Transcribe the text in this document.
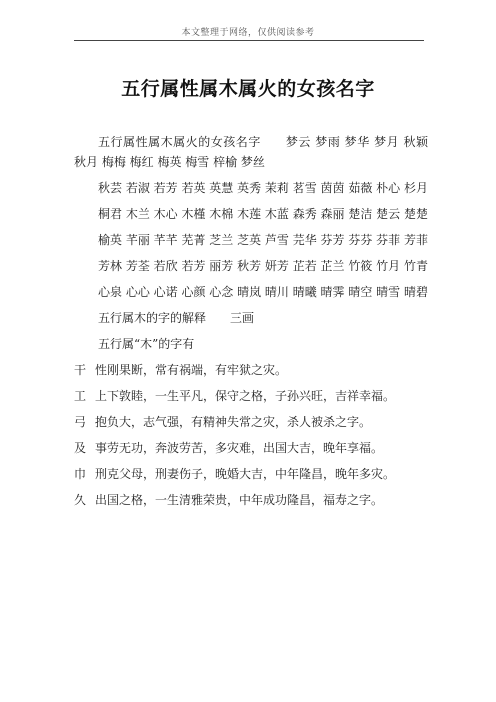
本文整理于网络，仅供阅读参考
五行属性属木属火的女孩名字

五行属性属木属火的女孩名字　　梦云 梦雨 梦华 梦月 秋颖 秋月 梅梅 梅红 梅英 梅雪 梓榆 梦丝

秋芸 若淑 若芳 若英 英慧 英秀 茉莉 茗雪 茵茵 茹薇 朴心 杉月

桐君 木兰 木心 木槿 木棉 木莲 木蓝 森秀 森丽 楚洁 楚云 楚楚

榆英 芊丽 芊芊 芜菁 芝兰 芝英 芦雪 芫华 芬芳 芬芬 芬菲 芳菲

芳林 芳荃 若欣 若芳 丽芳 秋芳 妍芳 芷若 芷兰 竹筱 竹月 竹青

心泉 心心 心诺 心颜 心念 晴岚 晴川 晴曦 晴霁 晴空 晴雪 晴碧

五行属木的字的解释　　三画

五行属“木”的字有

干 性刚果断，常有祸端，有牢狱之灾。

工 上下敦睦，一生平凡，保守之格，子孙兴旺，吉祥幸福。

弓 抱负大，志气强，有精神失常之灾，杀人被杀之字。

及 事劳无功，奔波劳苦，多灾难，出国大吉，晚年享福。

巾 刑克父母，刑妻伤子，晚婚大吉，中年隆昌，晚年多灾。

久 出国之格，一生清雅荣贵，中年成功隆昌，福寿之字。
